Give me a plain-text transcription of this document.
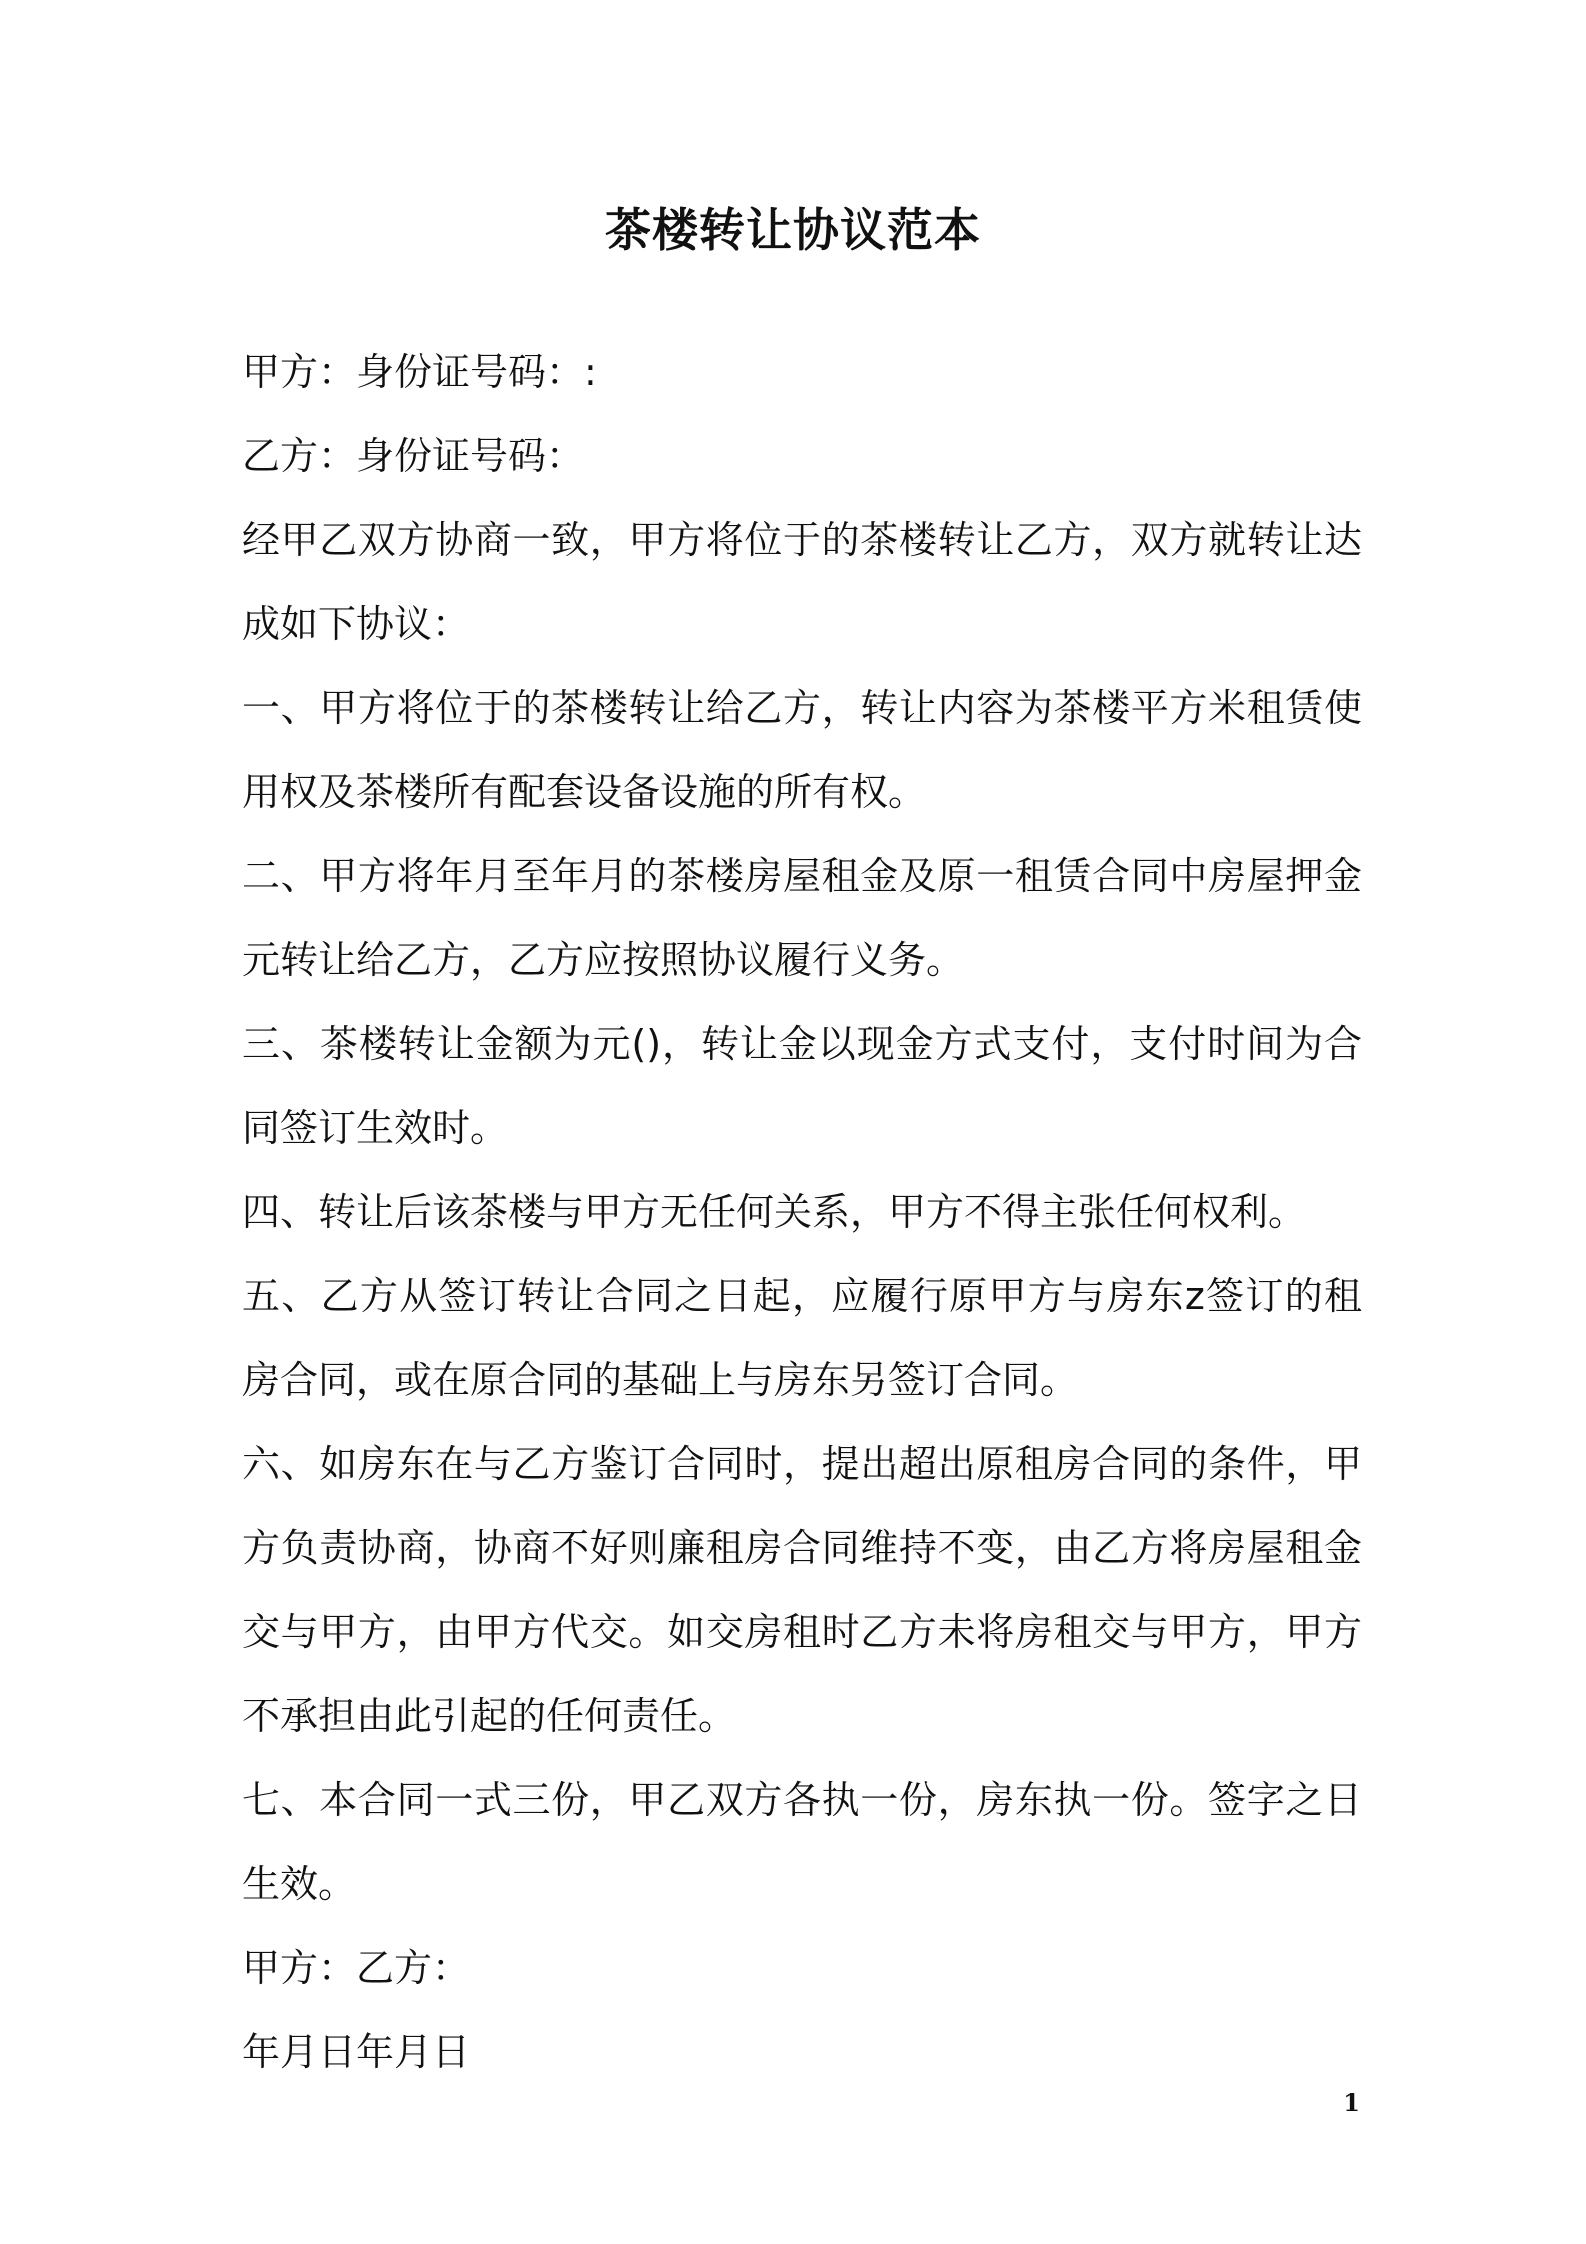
茶楼转让协议范本

甲方：身份证号码：:

乙方：身份证号码：

经甲乙双方协商一致，甲方将位于的茶楼转让乙方，双方就转让达成如下协议：

一、甲方将位于的茶楼转让给乙方，转让内容为茶楼平方米租赁使用权及茶楼所有配套设备设施的所有权。

二、甲方将年月至年月的茶楼房屋租金及原一租赁合同中房屋押金元转让给乙方，乙方应按照协议履行义务。

三、茶楼转让金额为元()，转让金以现金方式支付，支付时间为合同签订生效时。

四、转让后该茶楼与甲方无任何关系，甲方不得主张任何权利。

五、乙方从签订转让合同之日起，应履行原甲方与房东z签订的租房合同，或在原合同的基础上与房东另签订合同。

六、如房东在与乙方鉴订合同时，提出超出原租房合同的条件，甲方负责协商，协商不好则廉租房合同维持不变，由乙方将房屋租金交与甲方，由甲方代交。如交房租时乙方未将房租交与甲方，甲方不承担由此引起的任何责任。

七、本合同一式三份，甲乙双方各执一份，房东执一份。签字之日生效。

甲方：乙方：

年月日年月日

1
